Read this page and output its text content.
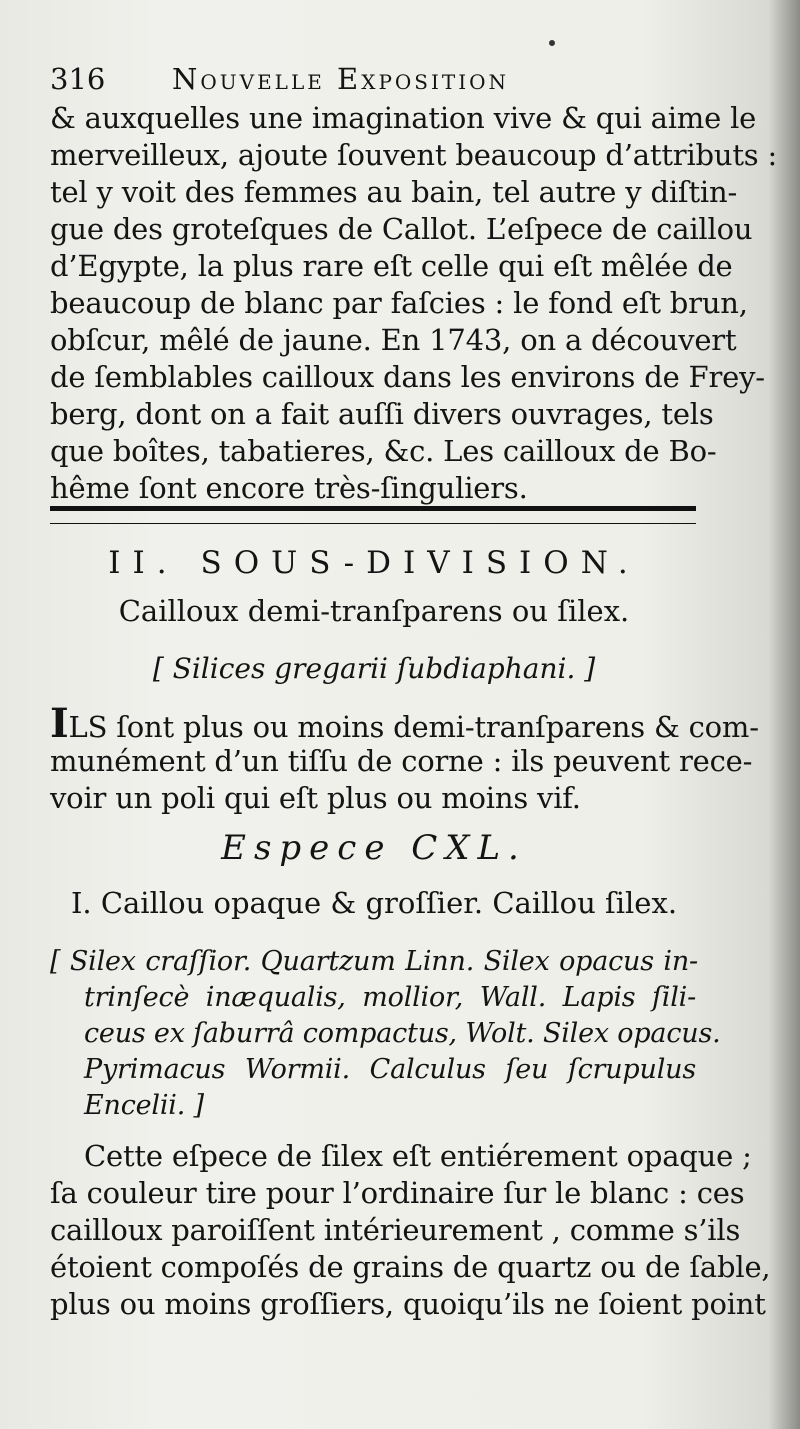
316 Nouvelle Exposition
& auxquelles une imagination vive & qui aime le
merveilleux, ajoute ſouvent beaucoup d’attributs :
tel y voit des femmes au bain, tel autre y diſtin-
gue des groteſques de Callot. L’eſpece de caillou
d’Egypte, la plus rare eſt celle qui eſt mêlée de
beaucoup de blanc par faſcies : le fond eſt brun,
obſcur, mêlé de jaune. En 1743, on a découvert
de ſemblables cailloux dans les environs de Frey-
berg, dont on a fait auſſi divers ouvrages, tels
que boîtes, tabatieres, &c. Les cailloux de Bo-
hême ſont encore très-ſinguliers.
II. SOUS-DIVISION.
Cailloux demi-tranſparens ou ſilex.
[ Silices gregarii ſubdiaphani. ]
ILS ſont plus ou moins demi-tranſparens & com-
munément d’un tiſſu de corne : ils peuvent rece-
voir un poli qui eſt plus ou moins vif.
Espece CXL.
I. Caillou opaque & groſſier. Caillou ſilex.
[ Silex craſſior. Quartzum Linn. Silex opacus in-
trinſecè inæqualis, mollior, Wall. Lapis ſili-
ceus ex ſaburrâ compactus, Wolt. Silex opacus.
Pyrimacus Wormii. Calculus ſeu ſcrupulus
Encelii. ]
Cette eſpece de ſilex eſt entiérement opaque ;
ſa couleur tire pour l’ordinaire ſur le blanc : ces
cailloux paroiſſent intérieurement , comme s’ils
étoient compoſés de grains de quartz ou de ſable,
plus ou moins groſſiers, quoiqu’ils ne ſoient point
